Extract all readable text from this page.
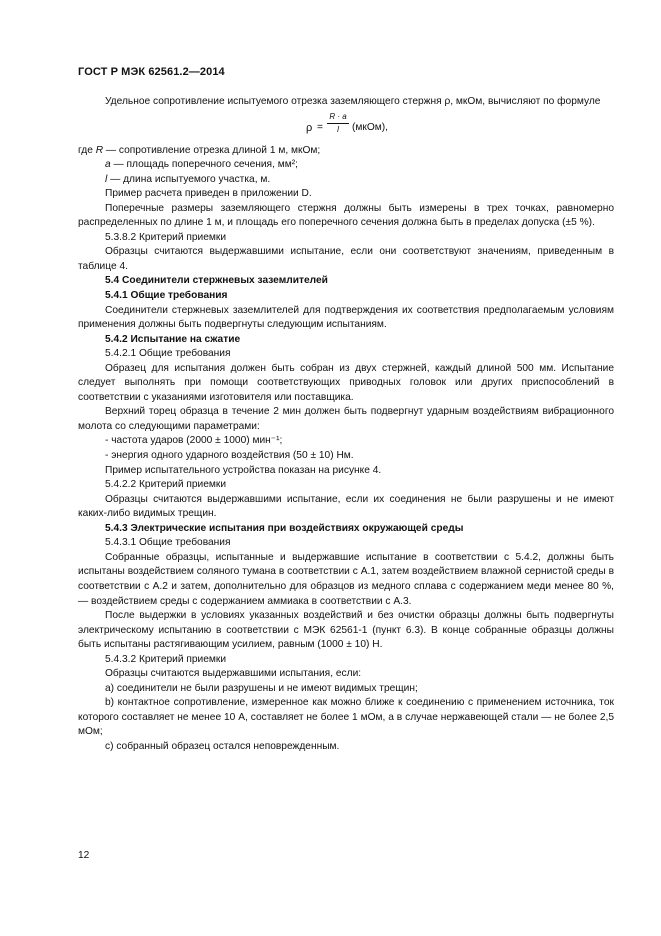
ГОСТ Р МЭК 62561.2—2014

Удельное сопротивление испытуемого отрезка заземляющего стержня ρ, мкОм, вычисляют по формуле

$\rho = \frac{R \cdot a}{l}$ (мкОм),

где R — сопротивление отрезка длиной 1 м, мкОм;

a — площадь поперечного сечения, мм²;

l — длина испытуемого участка, м.

Пример расчета приведен в приложении D.

Поперечные размеры заземляющего стержня должны быть измерены в трех точках, равномерно распределенных по длине 1 м, и площадь его поперечного сечения должна быть в пределах допуска (±5 %).

5.3.8.2 Критерий приемки

Образцы считаются выдержавшими испытание, если они соответствуют значениям, приведенным в таблице 4.

5.4 Соединители стержневых заземлителей

5.4.1 Общие требования

Соединители стержневых заземлителей для подтверждения их соответствия предполагаемым условиям применения должны быть подвергнуты следующим испытаниям.

5.4.2 Испытание на сжатие

5.4.2.1 Общие требования

Образец для испытания должен быть собран из двух стержней, каждый длиной 500 мм. Испытание следует выполнять при помощи соответствующих приводных головок или других приспособлений в соответствии с указаниями изготовителя или поставщика.

Верхний торец образца в течение 2 мин должен быть подвергнут ударным воздействиям вибрационного молота со следующими параметрами:

- частота ударов (2000 ± 1000) мин⁻¹;

- энергия одного ударного воздействия (50 ± 10) Нм.

Пример испытательного устройства показан на рисунке 4.

5.4.2.2 Критерий приемки

Образцы считаются выдержавшими испытание, если их соединения не были разрушены и не имеют каких-либо видимых трещин.

5.4.3 Электрические испытания при воздействиях окружающей среды

5.4.3.1 Общие требования

Собранные образцы, испытанные и выдержавшие испытание в соответствии с 5.4.2, должны быть испытаны воздействием соляного тумана в соответствии с А.1, затем воздействием влажной сернистой среды в соответствии с А.2 и затем, дополнительно для образцов из медного сплава с содержанием меди менее 80 %, — воздействием среды с содержанием аммиака в соответствии с А.3.

После выдержки в условиях указанных воздействий и без очистки образцы должны быть подвергнуты электрическому испытанию в соответствии с МЭК 62561-1 (пункт 6.3). В конце собранные образцы должны быть испытаны растягивающим усилием, равным (1000 ± 10) Н.

5.4.3.2 Критерий приемки

Образцы считаются выдержавшими испытания, если:

а) соединители не были разрушены и не имеют видимых трещин;

b) контактное сопротивление, измеренное как можно ближе к соединению с применением источника, ток которого составляет не менее 10 А, составляет не более 1 мОм, а в случае нержавеющей стали — не более 2,5 мОм;

с) собранный образец остался неповрежденным.

12
